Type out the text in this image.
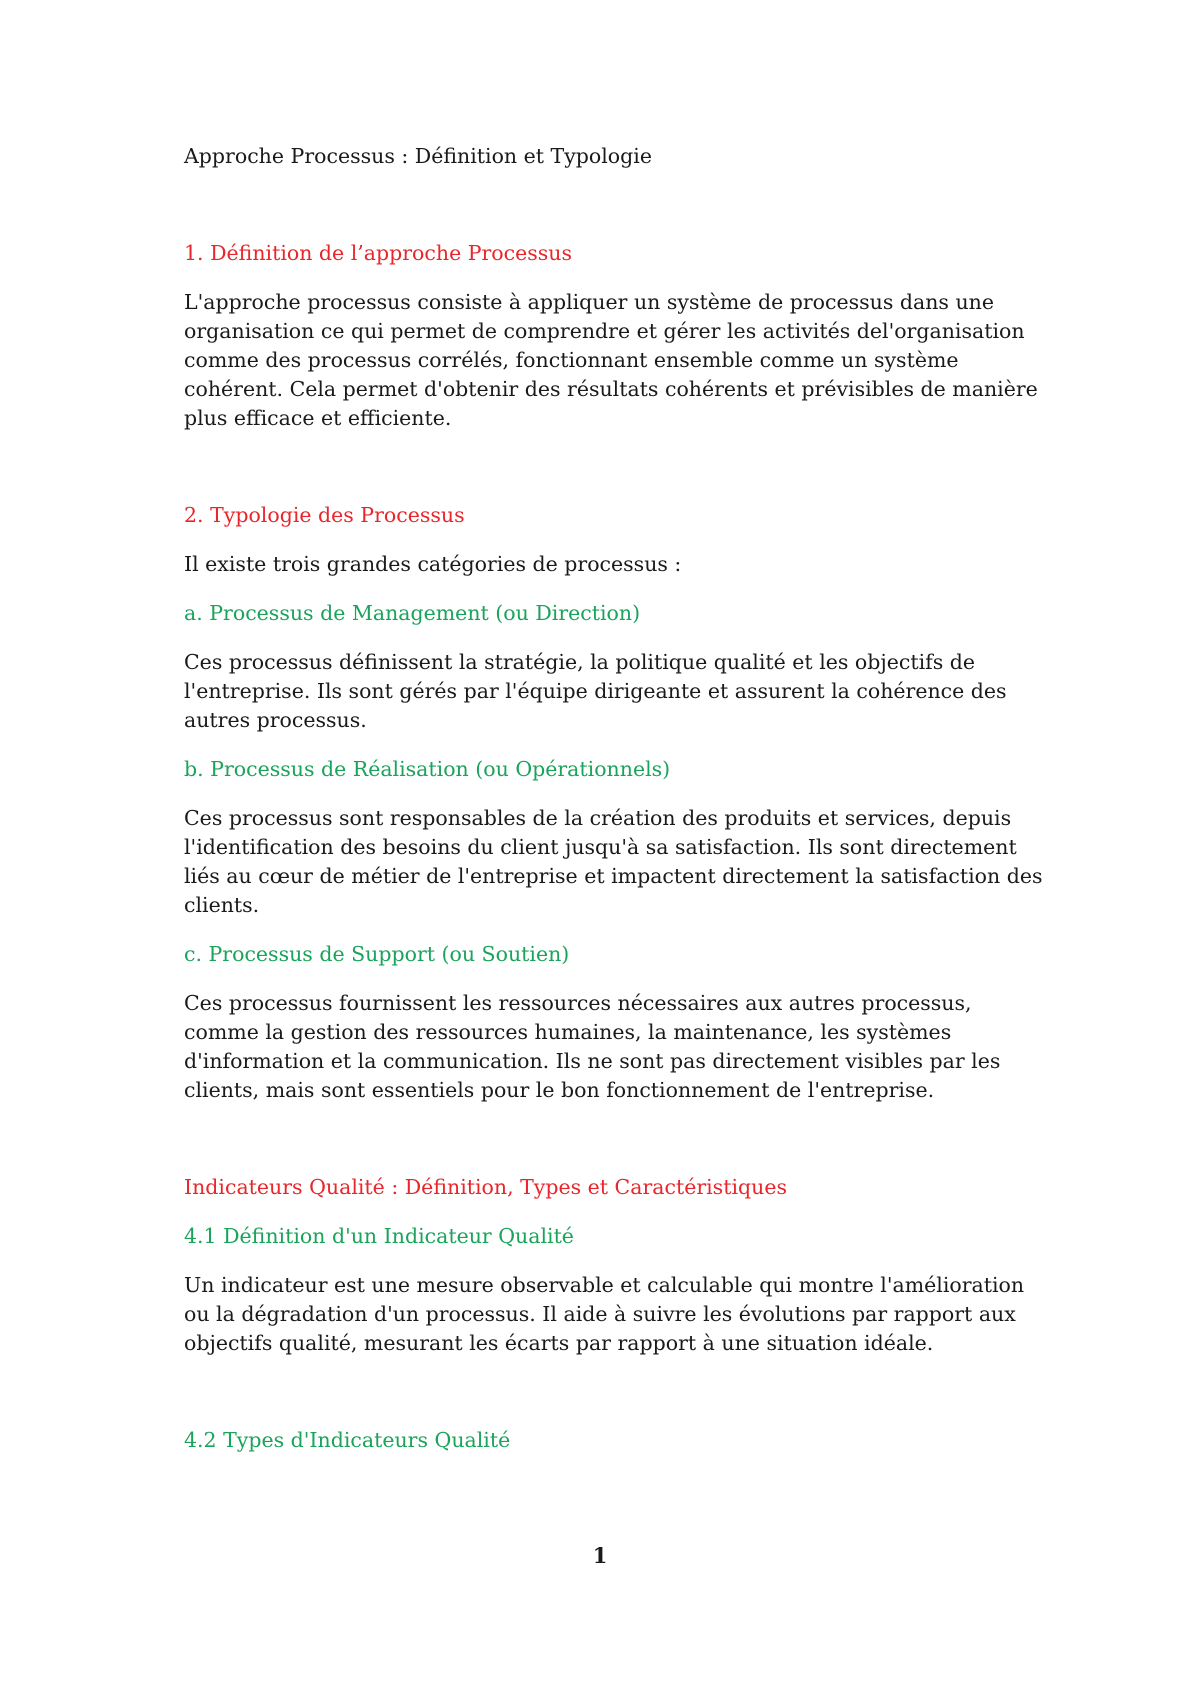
Approche Processus : Définition et Typologie

1. Définition de l’approche Processus

L'approche processus consiste à appliquer un système de processus dans une organisation ce qui permet de comprendre et gérer les activités del'organisation comme des processus corrélés, fonctionnant ensemble comme un système cohérent. Cela permet d'obtenir des résultats cohérents et prévisibles de manière plus efficace et efficiente.

2. Typologie des Processus

Il existe trois grandes catégories de processus :

a. Processus de Management (ou Direction)

Ces processus définissent la stratégie, la politique qualité et les objectifs de l'entreprise. Ils sont gérés par l'équipe dirigeante et assurent la cohérence des autres processus.

b. Processus de Réalisation (ou Opérationnels)

Ces processus sont responsables de la création des produits et services, depuis l'identification des besoins du client jusqu'à sa satisfaction. Ils sont directement liés au cœur de métier de l'entreprise et impactent directement la satisfaction des clients.

c. Processus de Support (ou Soutien)

Ces processus fournissent les ressources nécessaires aux autres processus, comme la gestion des ressources humaines, la maintenance, les systèmes d'information et la communication. Ils ne sont pas directement visibles par les clients, mais sont essentiels pour le bon fonctionnement de l'entreprise.

Indicateurs Qualité : Définition, Types et Caractéristiques

4.1 Définition d'un Indicateur Qualité

Un indicateur est une mesure observable et calculable qui montre l'amélioration ou la dégradation d'un processus. Il aide à suivre les évolutions par rapport aux objectifs qualité, mesurant les écarts par rapport à une situation idéale.

4.2 Types d'Indicateurs Qualité

1
